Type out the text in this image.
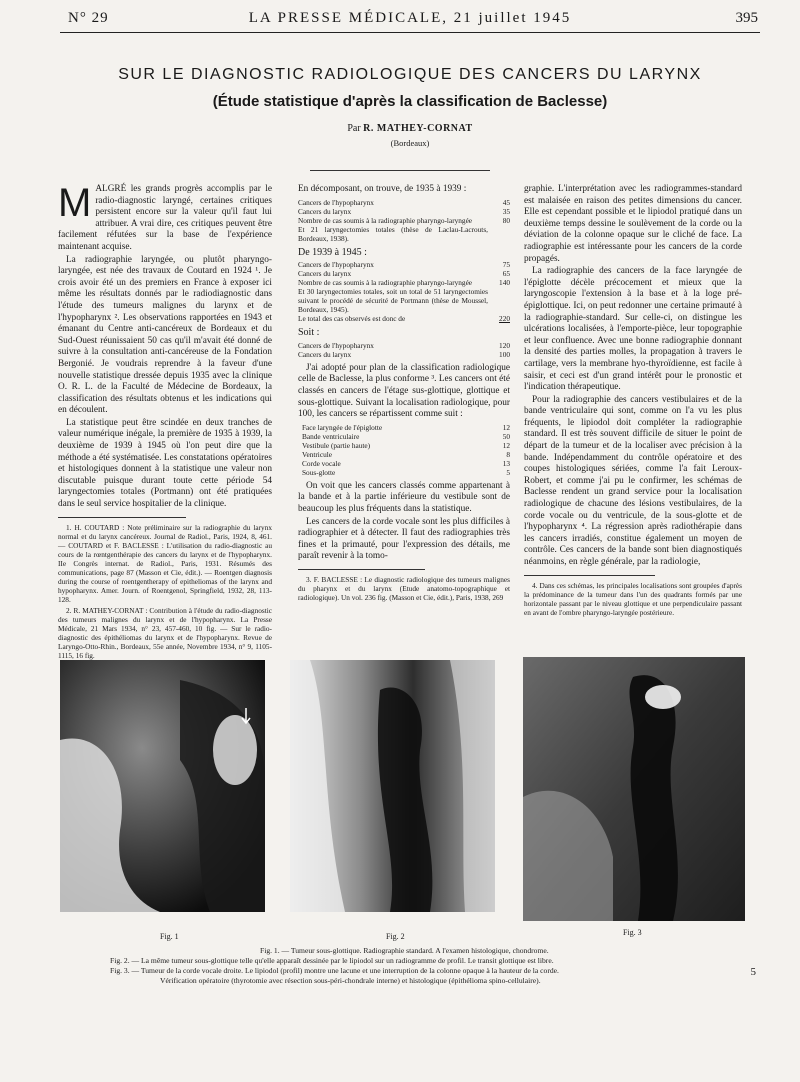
N° 29	LA PRESSE MÉDICALE, 21 juillet 1945	395
SUR LE DIAGNOSTIC RADIOLOGIQUE DES CANCERS DU LARYNX
(Étude statistique d'après la classification de Baclesse)
Par R. MATHEY-CORNAT
(Bordeaux)
M ALGRÉ les grands progrès accomplis par le radio-diagnostic laryngé, certaines critiques persistent encore sur la valeur qu'il faut lui attribuer. A vrai dire, ces critiques peuvent être facilement réfutées sur la base de l'expérience maintenant acquise.

La radiographie laryngée, ou plutôt pharyngo-laryngée, est née des travaux de Coutard en 1924 ¹. Je crois avoir été un des premiers en France à exposer ici même les résultats donnés par le radiodiagnostic dans l'étude des tumeurs malignes du larynx et de l'hypopharynx ². Les observations rapportées en 1943 et émanant du Centre anti-cancéreux de Bordeaux et du Sud-Ouest réunissaient 50 cas qu'il m'avait été donné de suivre à la consultation anti-cancéreuse de la Fondation Bergonié. Je voudrais reprendre à la faveur d'une nouvelle statistique dressée depuis 1935 avec la clinique O. R. L. de la Faculté de Médecine de Bordeaux, la classification des résultats obtenus et les indications qui en découlent.

La statistique peut être scindée en deux tranches de valeur numérique inégale, la première de 1935 à 1939, la deuxième de 1939 à 1945 où l'on peut dire que la méthode a été systématisée. Les constatations opératoires et histologiques donnent à la statistique une valeur non discutable puisque durant toute cette période 54 laryngectomies totales (Portmann) ont été pratiquées dans le seul service hospitalier de la clinique.

1. H. COUTARD : Note préliminaire sur la radiographie du larynx normal et du larynx cancéreux. Journal de Radiol., Paris, 1924, 8, 461. — COUTARD et F. BACLESSE : L'utilisation du radio-diagnostic au cours de la rœntgenthérapie des cancers du larynx et de l'hypopharynx. IIe Congrès internat. de Radiol., Paris, 1931. Résumés des communications, page 87 (Masson et Cie, édit.). — Roentgen diagnosis during the course of roentgentherapy of epitheliomas of the larynx and hypopharynx. Amer. Journ. of Roentgenol, Springfield, 1932, 28, 113-128.

2. R. MATHEY-CORNAT : Contribution à l'étude du radio-diagnostic des tumeurs malignes du larynx et de l'hypopharynx. La Presse Médicale, 21 Mars 1934, n° 23, 457-460, 10 fig. — Sur le radio-diagnostic des épithéliomas du larynx et de l'hypopharynx. Revue de Laryngo-Otto-Rhin., Bordeaux, 55e année, Novembre 1934, n° 9, 1105-1115, 16 fig.

En décomposant, on trouve, de 1935 à 1939 :

Cancers de l'hypopharynx	45
Cancers du larynx	35
Nombre de cas soumis à la radiographie pharyngo-laryngée	80
Et 21 laryngectomies totales (thèse de Laclau-Lacrouts, Bordeaux, 1938).
De 1939 à 1945 :
Cancers de l'hypopharynx	75
Cancers du larynx	65
Nombre de cas soumis à la radiographie pharyngo-laryngée	140
Et 30 laryngectomies totales, soit un total de 51 laryngectomies suivant le procédé de sécurité de Portmann (thèse de Moussel, Bordeaux, 1945).
Le total des cas observés est donc de	220
Soit :
Cancers de l'hypopharynx	120
Cancers du larynx	100

J'ai adopté pour plan de la classification radiologique celle de Baclesse, la plus conforme ³. Les cancers ont été classés en cancers de l'étage sus-glottique, glottique et sous-glottique. Suivant la localisation radiologique, pour 100, les cancers se répartissent comme suit :

Face laryngée de l'épiglotte	12
Bande ventriculaire	50
Vestibule (partie haute)	12
Ventricule	8
Corde vocale	13
Sous-glotte	5

On voit que les cancers classés comme appartenant à la bande et à la partie inférieure du vestibule sont de beaucoup les plus fréquents dans la statistique.

Les cancers de la corde vocale sont les plus difficiles à radiographier et à détecter. Il faut des radiographies très fines et la primauté, pour l'expression des détails, me paraît revenir à la tomo-

3. F. BACLESSE : Le diagnostic radiologique des tumeurs malignes du pharynx et du larynx (Etude anatomo-topographique et radiologique). Un vol. 236 fig. (Masson et Cie, édit.), Paris, 1938, 269

graphie. L'interprétation avec les radiogrammes-standard est malaisée en raison des petites dimensions du cancer. Elle est cependant possible et le lipiodol pratiqué dans un deuxième temps dessine le soulèvement de la corde ou la déviation de la colonne opaque sur le cliché de face. La radiographie est intéressante pour les cancers de la corde propagés.

La radiographie des cancers de la face laryngée de l'épiglotte décèle précocement et mieux que la laryngoscopie l'extension à la base et à la loge pré-épiglottique. Ici, on peut redonner une certaine primauté à la radiographie-standard. Sur celle-ci, on distingue les ulcérations localisées, à l'emporte-pièce, leur topographie et leur confluence. Avec une bonne radiographie donnant la densité des parties molles, la propagation à travers le cartilage, vers la membrane hyo-thyroïdienne, est facile à saisir, et ceci est d'un grand intérêt pour le pronostic et l'indication thérapeutique.

Pour la radiographie des cancers vestibulaires et de la bande ventriculaire qui sont, comme on l'a vu les plus fréquents, le lipiodol doit compléter la radiographie standard. Il est très souvent difficile de situer le point de départ de la tumeur et de la localiser avec précision à la bande. Indépendamment du contrôle opératoire et des coupes histologiques sériées, comme l'a fait Leroux-Robert, et comme j'ai pu le confirmer, les schémas de Baclesse rendent un grand service pour la localisation radiologique de chacune des lésions vestibulaires, de la corde vocale ou du ventricule, de la sous-glotte et de l'hypopharynx ⁴. La régression après radiothérapie dans les cancers irradiés, constitue également un moyen de contrôle. Ces cancers de la bande sont bien diagnostiqués néanmoins, en règle générale, par la radiologie,

4. Dans ces schémas, les principales localisations sont groupées d'après la prédominance de la tumeur dans l'un des quadrants formés par une horizontale passant par le niveau glottique et une perpendiculaire passant en avant de l'ombre pharyngo-laryngée postérieure.

Fig. 1	Fig. 2	Fig. 3
Fig. 1. — Tumeur sous-glottique. Radiographie standard. A l'examen histologique, chondrome.
Fig. 2. — La même tumeur sous-glottique telle qu'elle apparaît dessinée par le lipiodol sur un radiogramme de profil. Le transit glottique est libre.
Fig. 3. — Tumeur de la corde vocale droite. Le lipiodol (profil) montre une lacune et une interruption de la colonne opaque à la hauteur de la corde.
Vérification opératoire (thyrotomie avec résection sous-péri-chondrale interne) et histologique (épithélioma spino-cellulaire).
5
